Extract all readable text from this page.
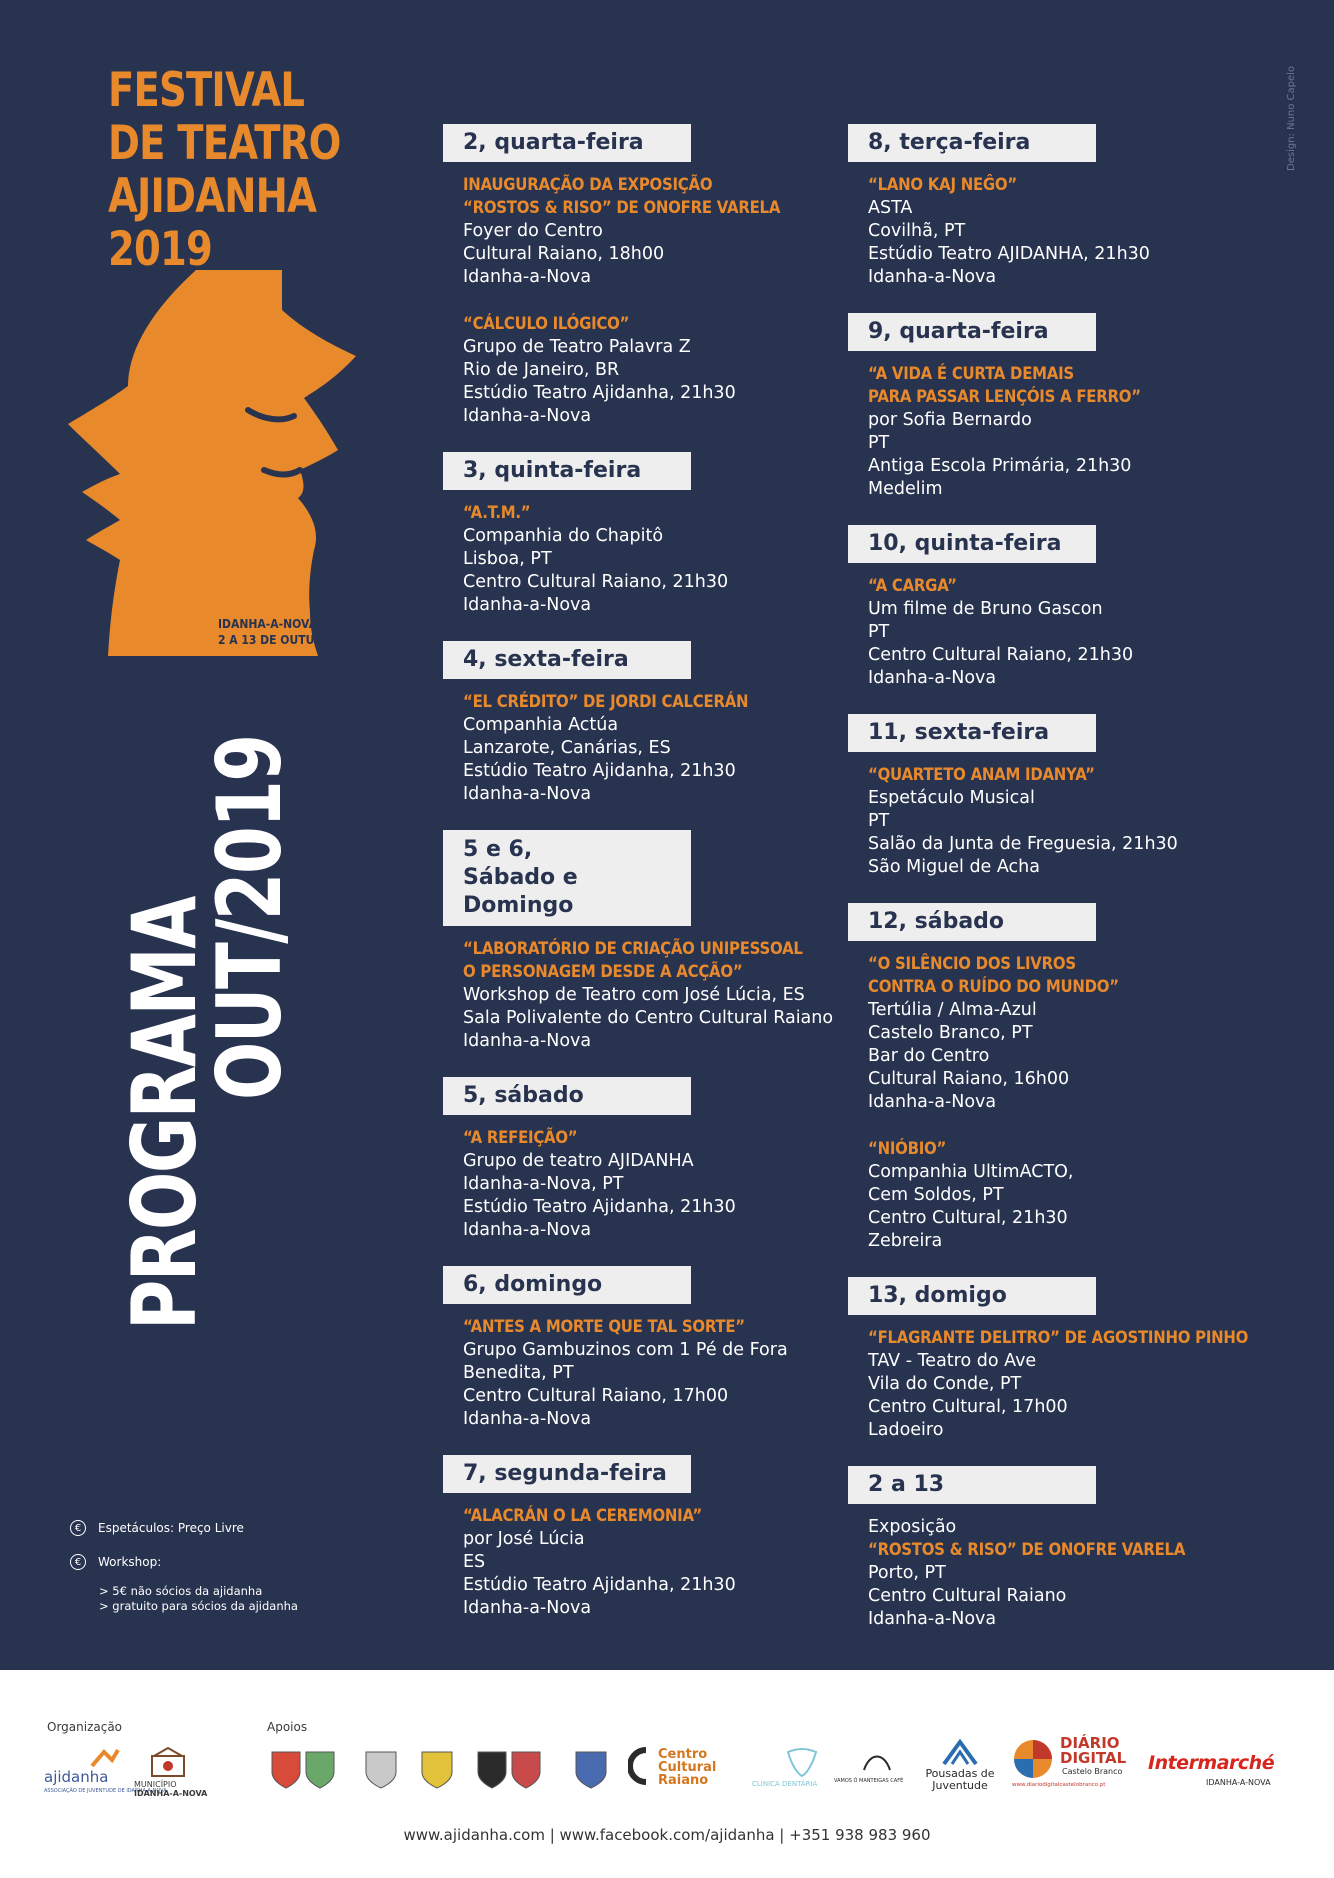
Design: Nuno Capelo
FESTIVAL
DE TEATRO
AJIDANHA
2019
IDANHA-A-NOVA
2 A 13 DE OUTUBRO
PROGRAMA
OUT/2019
€	Espetáculos: Preço Livre
€	Workshop:
> 5€ não sócios da ajidanha
> gratuito para sócios da ajidanha
2, quarta-feira
INAUGURAÇÃO DA EXPOSIÇÃO
“ROSTOS & RISO” DE ONOFRE VARELA
Foyer do Centro
Cultural Raiano, 18h00
Idanha-a-Nova
“CÁLCULO ILÓGICO”
Grupo de Teatro Palavra Z
Rio de Janeiro, BR
Estúdio Teatro Ajidanha, 21h30
Idanha-a-Nova
3, quinta-feira
“A.T.M.”
Companhia do Chapitô
Lisboa, PT
Centro Cultural Raiano, 21h30
Idanha-a-Nova
4, sexta-feira
“EL CRÉDITO” DE JORDI CALCERÁN
Companhia Actúa
Lanzarote, Canárias, ES
Estúdio Teatro Ajidanha, 21h30
Idanha-a-Nova
5 e 6,
Sábado e Domingo
“LABORATÓRIO DE CRIAÇÃO UNIPESSOAL
O PERSONAGEM DESDE A ACÇÃO”
Workshop de Teatro com José Lúcia, ES
Sala Polivalente do Centro Cultural Raiano
Idanha-a-Nova
5, sábado
“A REFEIÇÃO”
Grupo de teatro AJIDANHA
Idanha-a-Nova, PT
Estúdio Teatro Ajidanha, 21h30
Idanha-a-Nova
6, domingo
“ANTES A MORTE QUE TAL SORTE”
Grupo Gambuzinos com 1 Pé de Fora
Benedita, PT
Centro Cultural Raiano, 17h00
Idanha-a-Nova
7, segunda-feira
“ALACRÁN O LA CEREMONIA”
por José Lúcia
ES
Estúdio Teatro Ajidanha, 21h30
Idanha-a-Nova
8, terça-feira
“LANO KAJ NEĜO”
ASTA
Covilhã, PT
Estúdio Teatro AJIDANHA, 21h30
Idanha-a-Nova
9, quarta-feira
“A VIDA É CURTA DEMAIS
PARA PASSAR LENÇÓIS A FERRO”
por Sofia Bernardo
PT
Antiga Escola Primária, 21h30
Medelim
10, quinta-feira
“A CARGA”
Um filme de Bruno Gascon
PT
Centro Cultural Raiano, 21h30
Idanha-a-Nova
11, sexta-feira
“QUARTETO ANAM IDANYA”
Espetáculo Musical
PT
Salão da Junta de Freguesia, 21h30
São Miguel de Acha
12, sábado
“O SILÊNCIO DOS LIVROS
CONTRA O RUÍDO DO MUNDO”
Tertúlia / Alma-Azul
Castelo Branco, PT
Bar do Centro
Cultural Raiano, 16h00
Idanha-a-Nova
“NIÓBIO”
Companhia UltimACTO,
Cem Soldos, PT
Centro Cultural, 21h30
Zebreira
13, domigo
“FLAGRANTE DELITRO” DE AGOSTINHO PINHO
TAV - Teatro do Ave
Vila do Conde, PT
Centro Cultural, 17h00
Ladoeiro
2 a 13
Exposição
“ROSTOS & RISO” DE ONOFRE VARELA
Porto, PT
Centro Cultural Raiano
Idanha-a-Nova
Organização	Apoios
ajidanha
ASSOCIAÇÃO DE JUVENTUDE DE IDANHA-A-NOVA
MUNICÍPIO
IDANHA-A-NOVA
Centro Cultural Raiano	CLÍNICA DENTÁRIA	VAMOS Ó MANTEIGAS CAFÉ
Pousadas de Juventude
DIÁRIO
DIGITAL
Castelo Branco
www.diariodigitalcastelobranco.pt
Intermarché
IDANHA-A-NOVA
www.ajidanha.com | www.facebook.com/ajidanha | +351 938 983 960
